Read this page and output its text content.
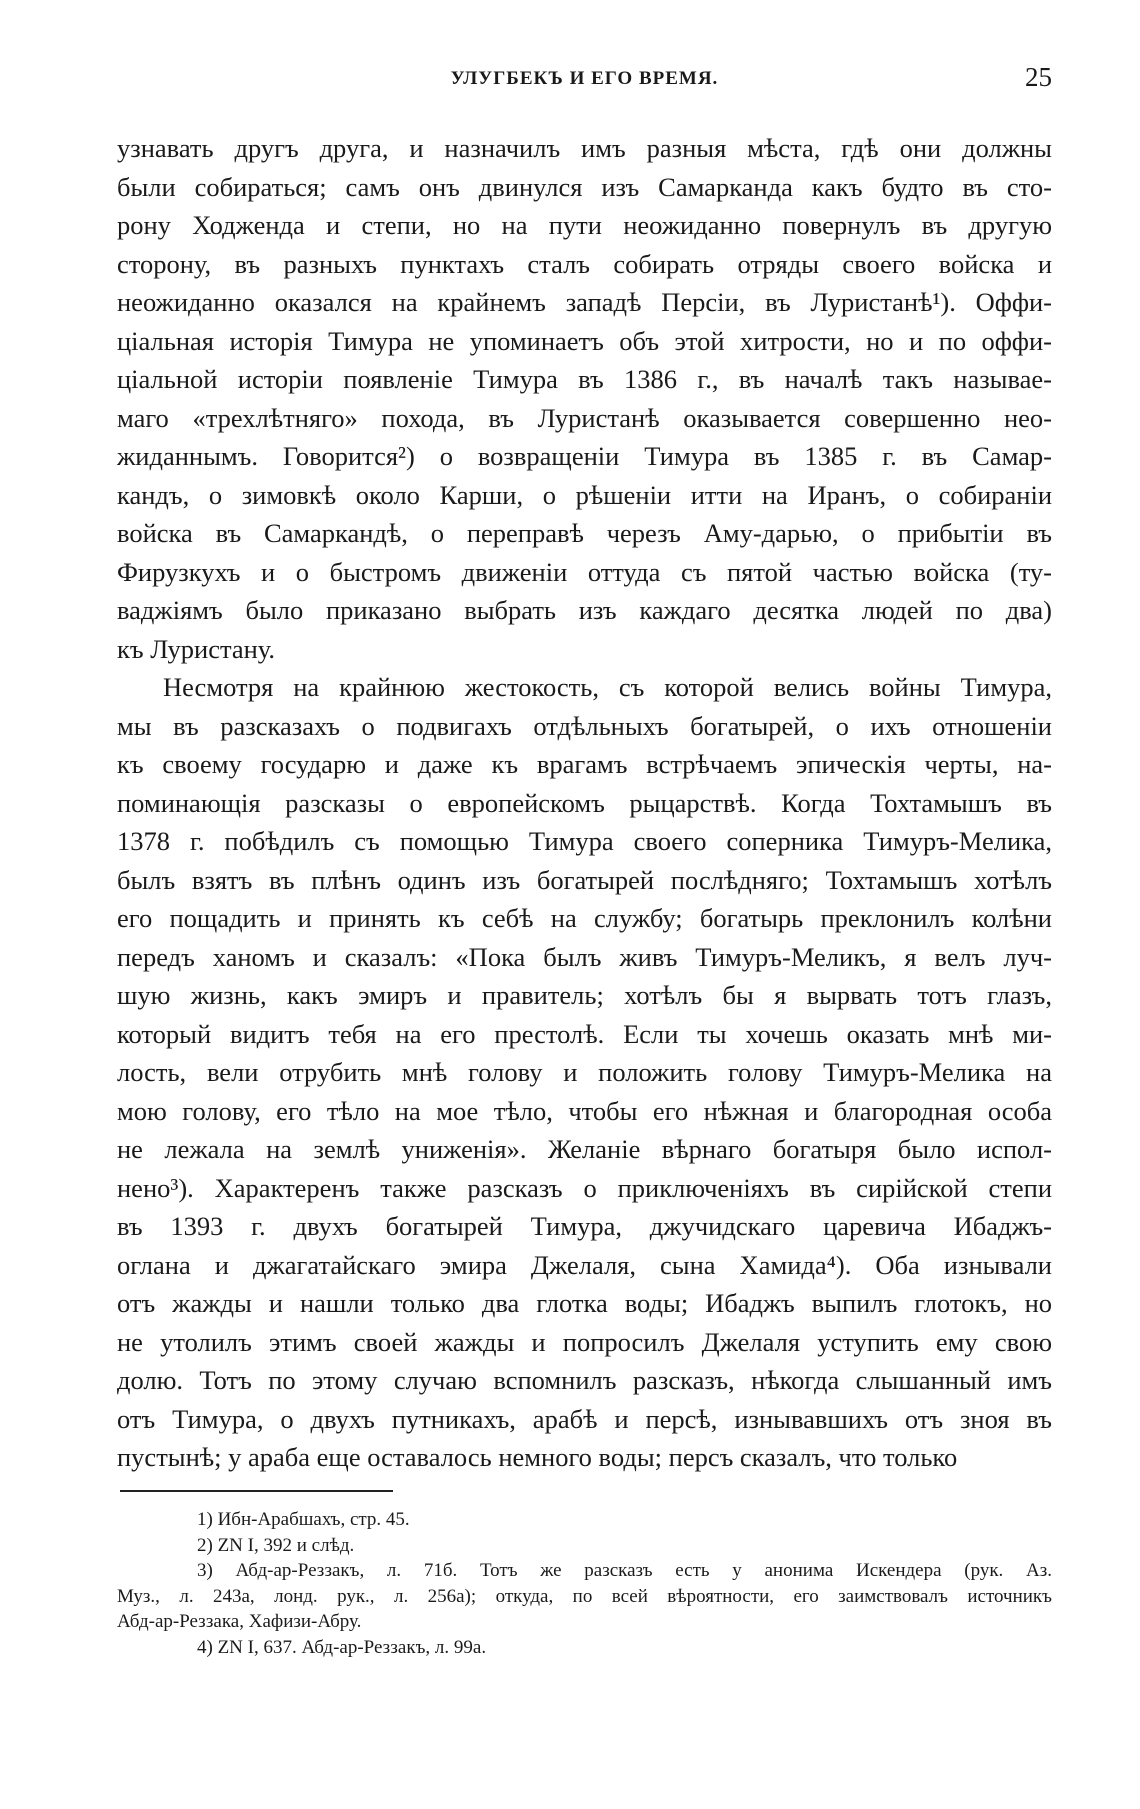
УЛУГБЕКЪ И ЕГО ВРЕМЯ.	25
узнавать другъ друга, и назначилъ имъ разныя мѣста, гдѣ они должны
были собираться; самъ онъ двинулся изъ Самарканда какъ будто въ сто-
рону Ходженда и степи, но на пути неожиданно повернулъ въ другую
сторону, въ разныхъ пунктахъ сталъ собирать отряды своего войска и
неожиданно оказался на крайнемъ западѣ Персіи, въ Луристанѣ¹). Оффи-
ціальная исторія Тимура не упоминаетъ объ этой хитрости, но и по оффи-
ціальной исторіи появленіе Тимура въ 1386 г., въ началѣ такъ называе-
маго «трехлѣтняго» похода, въ Луристанѣ оказывается совершенно нео-
жиданнымъ. Говорится²) о возвращеніи Тимура въ 1385 г. въ Самар-
кандъ, о зимовкѣ около Карши, о рѣшеніи итти на Иранъ, о собираніи
войска въ Самаркандѣ, о переправѣ черезъ Аму-дарью, о прибытіи въ
Фирузкухъ и о быстромъ движеніи оттуда съ пятой частью войска (ту-
ваджіямъ было приказано выбрать изъ каждаго десятка людей по два)
къ Луристану.
Несмотря на крайнюю жестокость, съ которой велись войны Тимура,
мы въ разсказахъ о подвигахъ отдѣльныхъ богатырей, о ихъ отношеніи
къ своему государю и даже къ врагамъ встрѣчаемъ эпическія черты, на-
поминающія разсказы о европейскомъ рыцарствѣ. Когда Тохтамышъ въ
1378 г. побѣдилъ съ помощью Тимура своего соперника Тимуръ-Мелика,
былъ взятъ въ плѣнъ одинъ изъ богатырей послѣдняго; Тохтамышъ хотѣлъ
его пощадить и принять къ себѣ на службу; богатырь преклонилъ колѣни
передъ ханомъ и сказалъ: «Пока былъ живъ Тимуръ-Меликъ, я велъ луч-
шую жизнь, какъ эмиръ и правитель; хотѣлъ бы я вырвать тотъ глазъ,
который видитъ тебя на его престолѣ. Если ты хочешь оказать мнѣ ми-
лость, вели отрубить мнѣ голову и положить голову Тимуръ-Мелика на
мою голову, его тѣло на мое тѣло, чтобы его нѣжная и благородная особа
не лежала на землѣ униженія». Желаніе вѣрнаго богатыря было испол-
нено³). Характеренъ также разсказъ о приключеніяхъ въ сирійской степи
въ 1393 г. двухъ богатырей Тимура, джучидскаго царевича Ибаджъ-
оглана и джагатайскаго эмира Джелаля, сына Хамида⁴). Оба изнывали
отъ жажды и нашли только два глотка воды; Ибаджъ выпилъ глотокъ, но
не утолилъ этимъ своей жажды и попросилъ Джелаля уступить ему свою
долю. Тотъ по этому случаю вспомнилъ разсказъ, нѣкогда слышанный имъ
отъ Тимура, о двухъ путникахъ, арабѣ и персѣ, изнывавшихъ отъ зноя въ
пустынѣ; у араба еще оставалось немного воды; персъ сказалъ, что только
1) Ибн-Арабшахъ, стр. 45.
2) ZN I, 392 и слѣд.
3) Абд-ар-Реззакъ, л. 71б. Тотъ же разсказъ есть у анонима Искендера (рук. Аз.
Муз., л. 243а, лонд. рук., л. 256а); откуда, по всей вѣроятности, его заимствовалъ источникъ
Абд-ар-Реззака, Хафизи-Абру.
4) ZN I, 637. Абд-ар-Реззакъ, л. 99а.
